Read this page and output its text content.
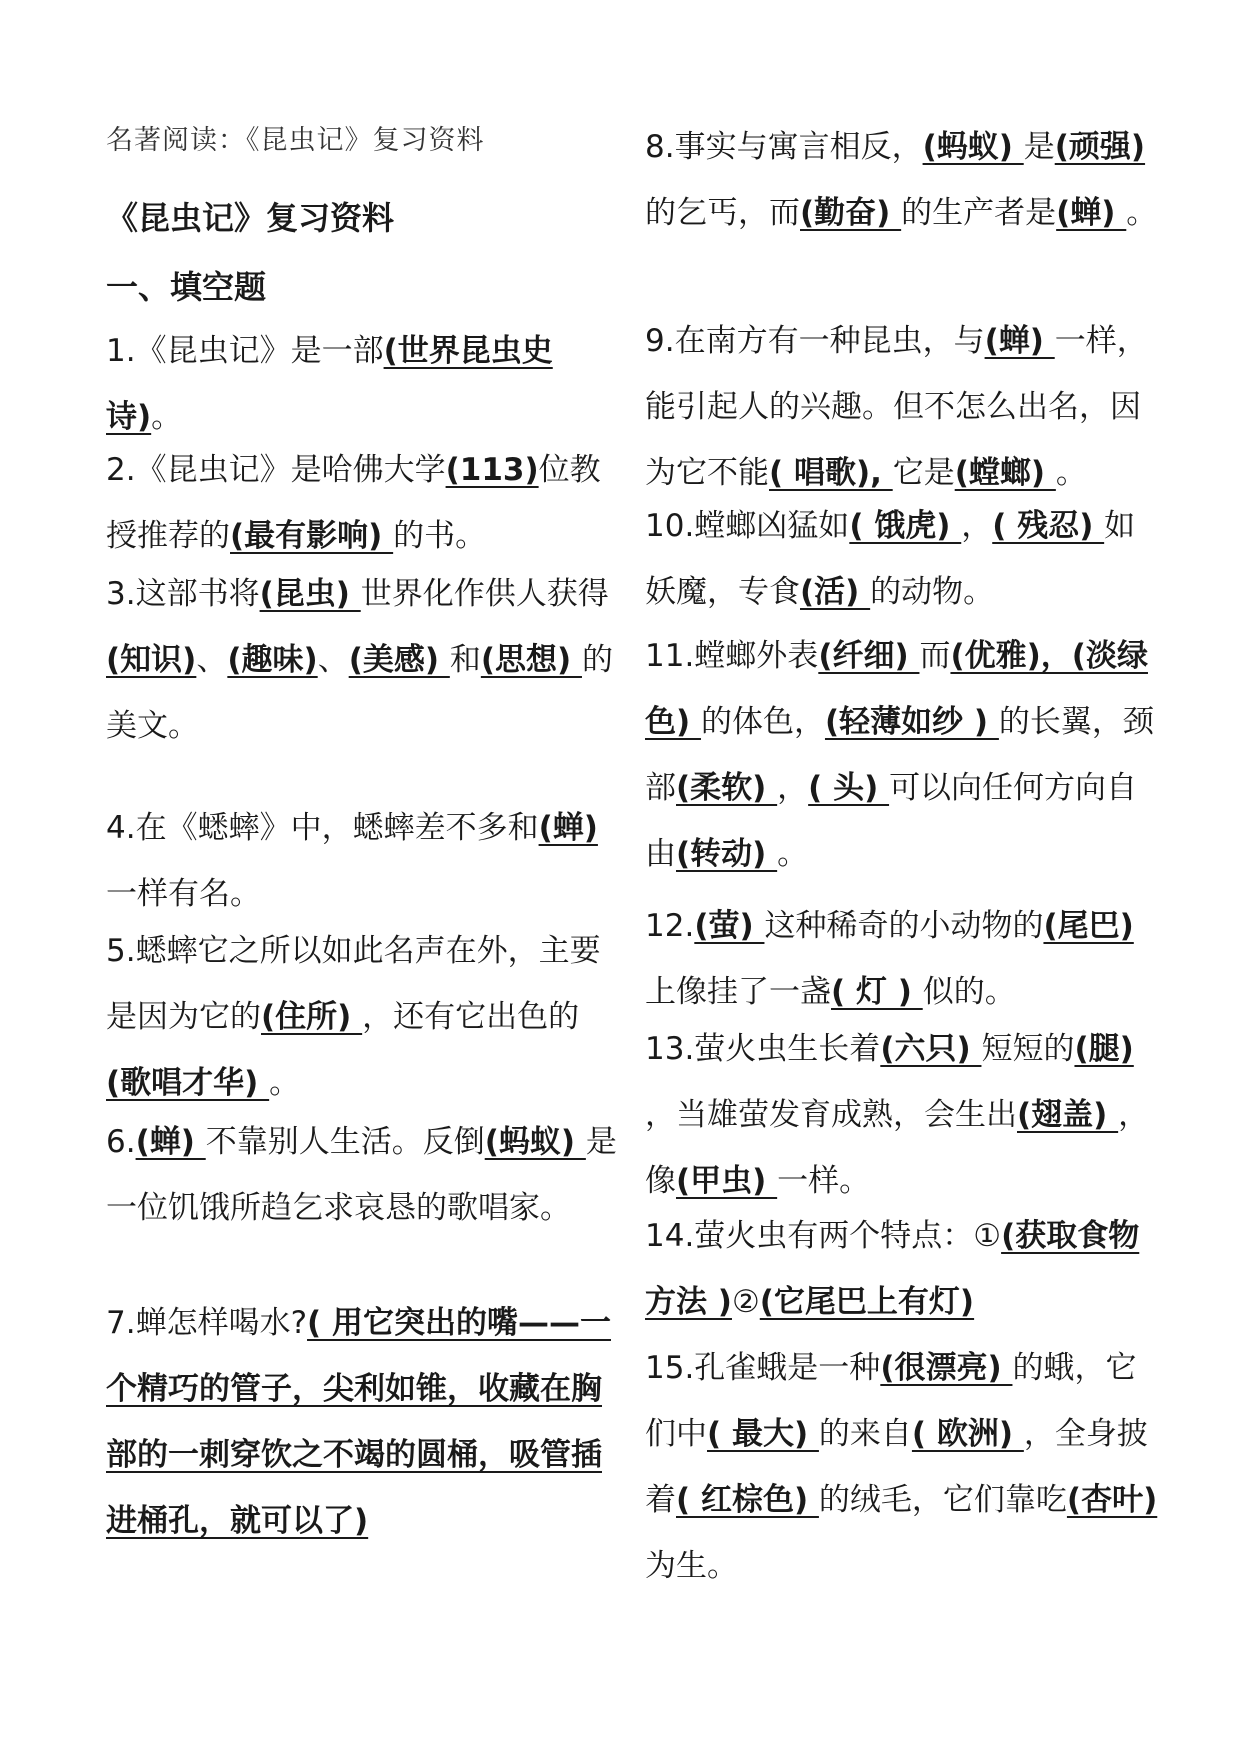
名著阅读：《昆虫记》复习资料
《昆虫记》复习资料
一、填空题
1.《昆虫记》是一部(世界昆虫史诗)。
2.《昆虫记》是哈佛大学(113)位教授推荐的(最有影响) 的书。
3.这部书将(昆虫) 世界化作供人获得(知识)、(趣味)、(美感) 和(思想) 的美文。
4.在《蟋蟀》中，蟋蟀差不多和(蝉) 一样有名。
5.蟋蟀它之所以如此名声在外，主要是因为它的(住所) ，还有它出色的(歌唱才华) 。
6.(蝉) 不靠别人生活。反倒(蚂蚁) 是一位饥饿所趋乞求哀恳的歌唱家。
7.蝉怎样喝水?( 用它突出的嘴——一个精巧的管子，尖利如锥，收藏在胸部的一刺穿饮之不竭的圆桶，吸管插进桶孔，就可以了)
8.事实与寓言相反，(蚂蚁) 是(顽强) 的乞丐，而(勤奋) 的生产者是(蝉) 。
9.在南方有一种昆虫，与(蝉) 一样，能引起人的兴趣。但不怎么出名，因为它不能( 唱歌), 它是(螳螂) 。
10.螳螂凶猛如( 饿虎) ，( 残忍) 如妖魔，专食(活) 的动物。
11.螳螂外表(纤细) 而(优雅)，(淡绿色) 的体色，(轻薄如纱 ) 的长翼，颈部(柔软) ，( 头) 可以向任何方向自由(转动) 。
12.(萤) 这种稀奇的小动物的(尾巴) 上像挂了一盏( 灯 ) 似的。
13.萤火虫生长着(六只) 短短的(腿) ，当雄萤发育成熟，会生出(翅盖) ，像(甲虫) 一样。
14.萤火虫有两个特点：①(获取食物方法 )②(它尾巴上有灯)
15.孔雀蛾是一种(很漂亮) 的蛾，它们中( 最大) 的来自( 欧洲) ，全身披着( 红棕色) 的绒毛，它们靠吃(杏叶) 为生。
